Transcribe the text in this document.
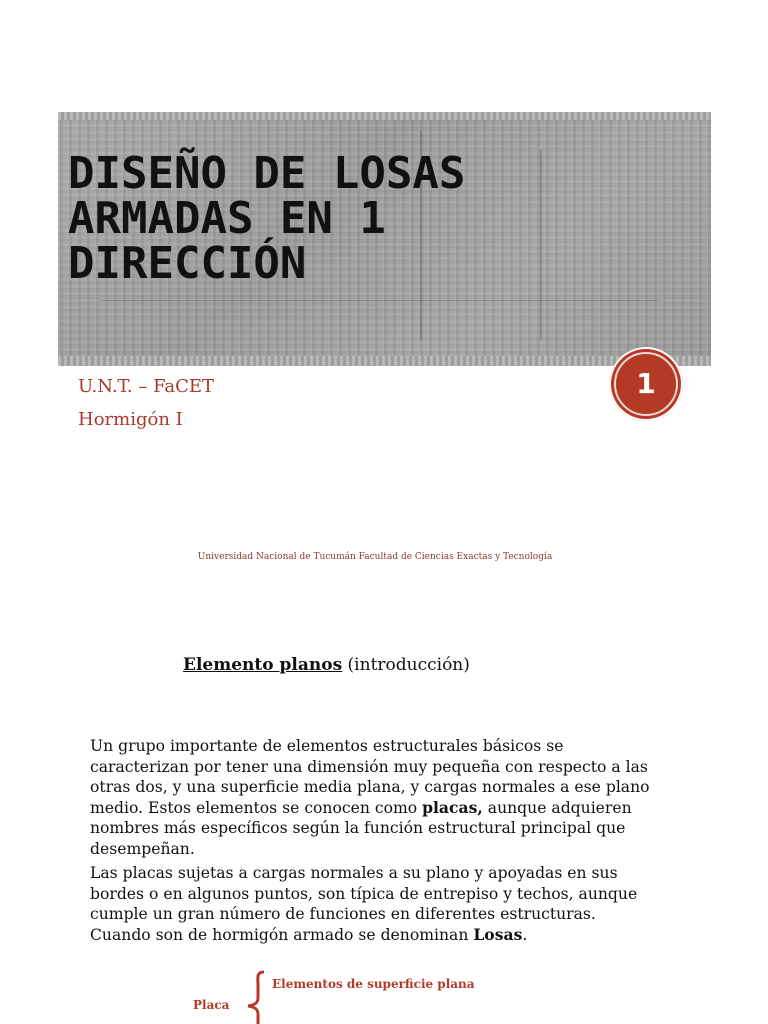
DISEÑO DE LOSAS
ARMADAS EN 1
DIRECCIÓN
U.N.T. – FaCET
Hormigón I
1
Universidad Nacional de Tucumán Facultad de Ciencias Exactas y Tecnología
Elemento planos (introducción)
Un grupo importante de elementos estructurales básicos se
caracterizan por tener una dimensión muy pequeña con respecto a las
otras dos, y una superficie media plana, y cargas normales a ese plano
medio. Estos elementos se conocen como placas, aunque adquieren
nombres más específicos según la función estructural principal que
desempeñan.
Las placas sujetas a cargas normales a su plano y apoyadas en sus
bordes o en algunos puntos, son típica de entrepiso y techos, aunque
cumple un gran número de funciones en diferentes estructuras.
Cuando son de hormigón armado se denominan Losas.
Placa
Elementos de superficie plana
